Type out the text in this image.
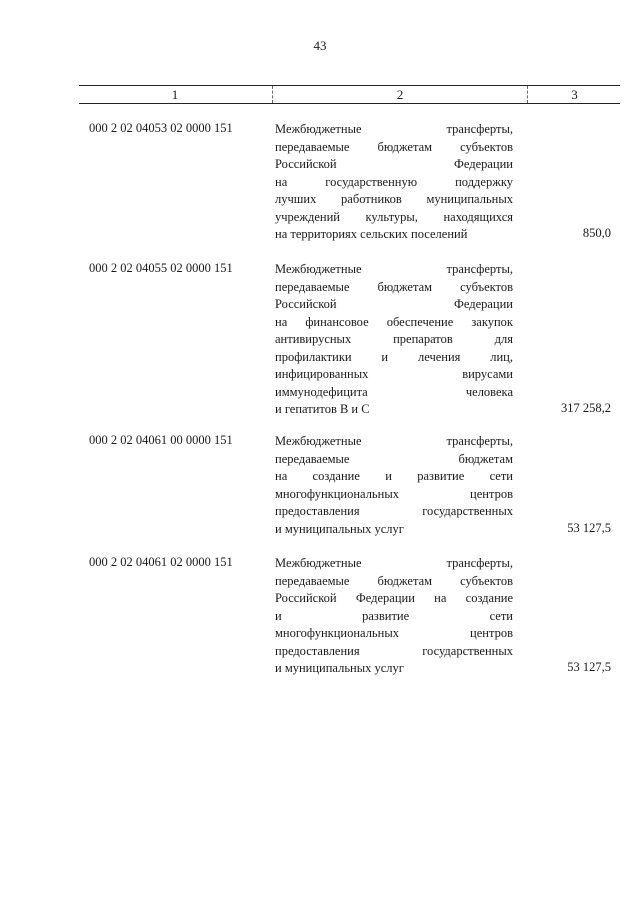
43
1	2	3
000 2 02 04053 02 0000 151	Межбюджетные трансферты,
передаваемые бюджетам субъектов
Российской Федерации
на государственную поддержку
лучших работников муниципальных
учреждений культуры, находящихся
на территориях сельских поселений	850,0
000 2 02 04055 02 0000 151	Межбюджетные трансферты,
передаваемые бюджетам субъектов
Российской Федерации
на финансовое обеспечение закупок
антивирусных препаратов для
профилактики и лечения лиц,
инфицированных вирусами
иммунодефицита человека
и гепатитов В и С	317 258,2
000 2 02 04061 00 0000 151	Межбюджетные трансферты,
передаваемые бюджетам
на создание и развитие сети
многофункциональных центров
предоставления государственных
и муниципальных услуг	53 127,5
000 2 02 04061 02 0000 151	Межбюджетные трансферты,
передаваемые бюджетам субъектов
Российской Федерации на создание
и развитие сети
многофункциональных центров
предоставления государственных
и муниципальных услуг	53 127,5
